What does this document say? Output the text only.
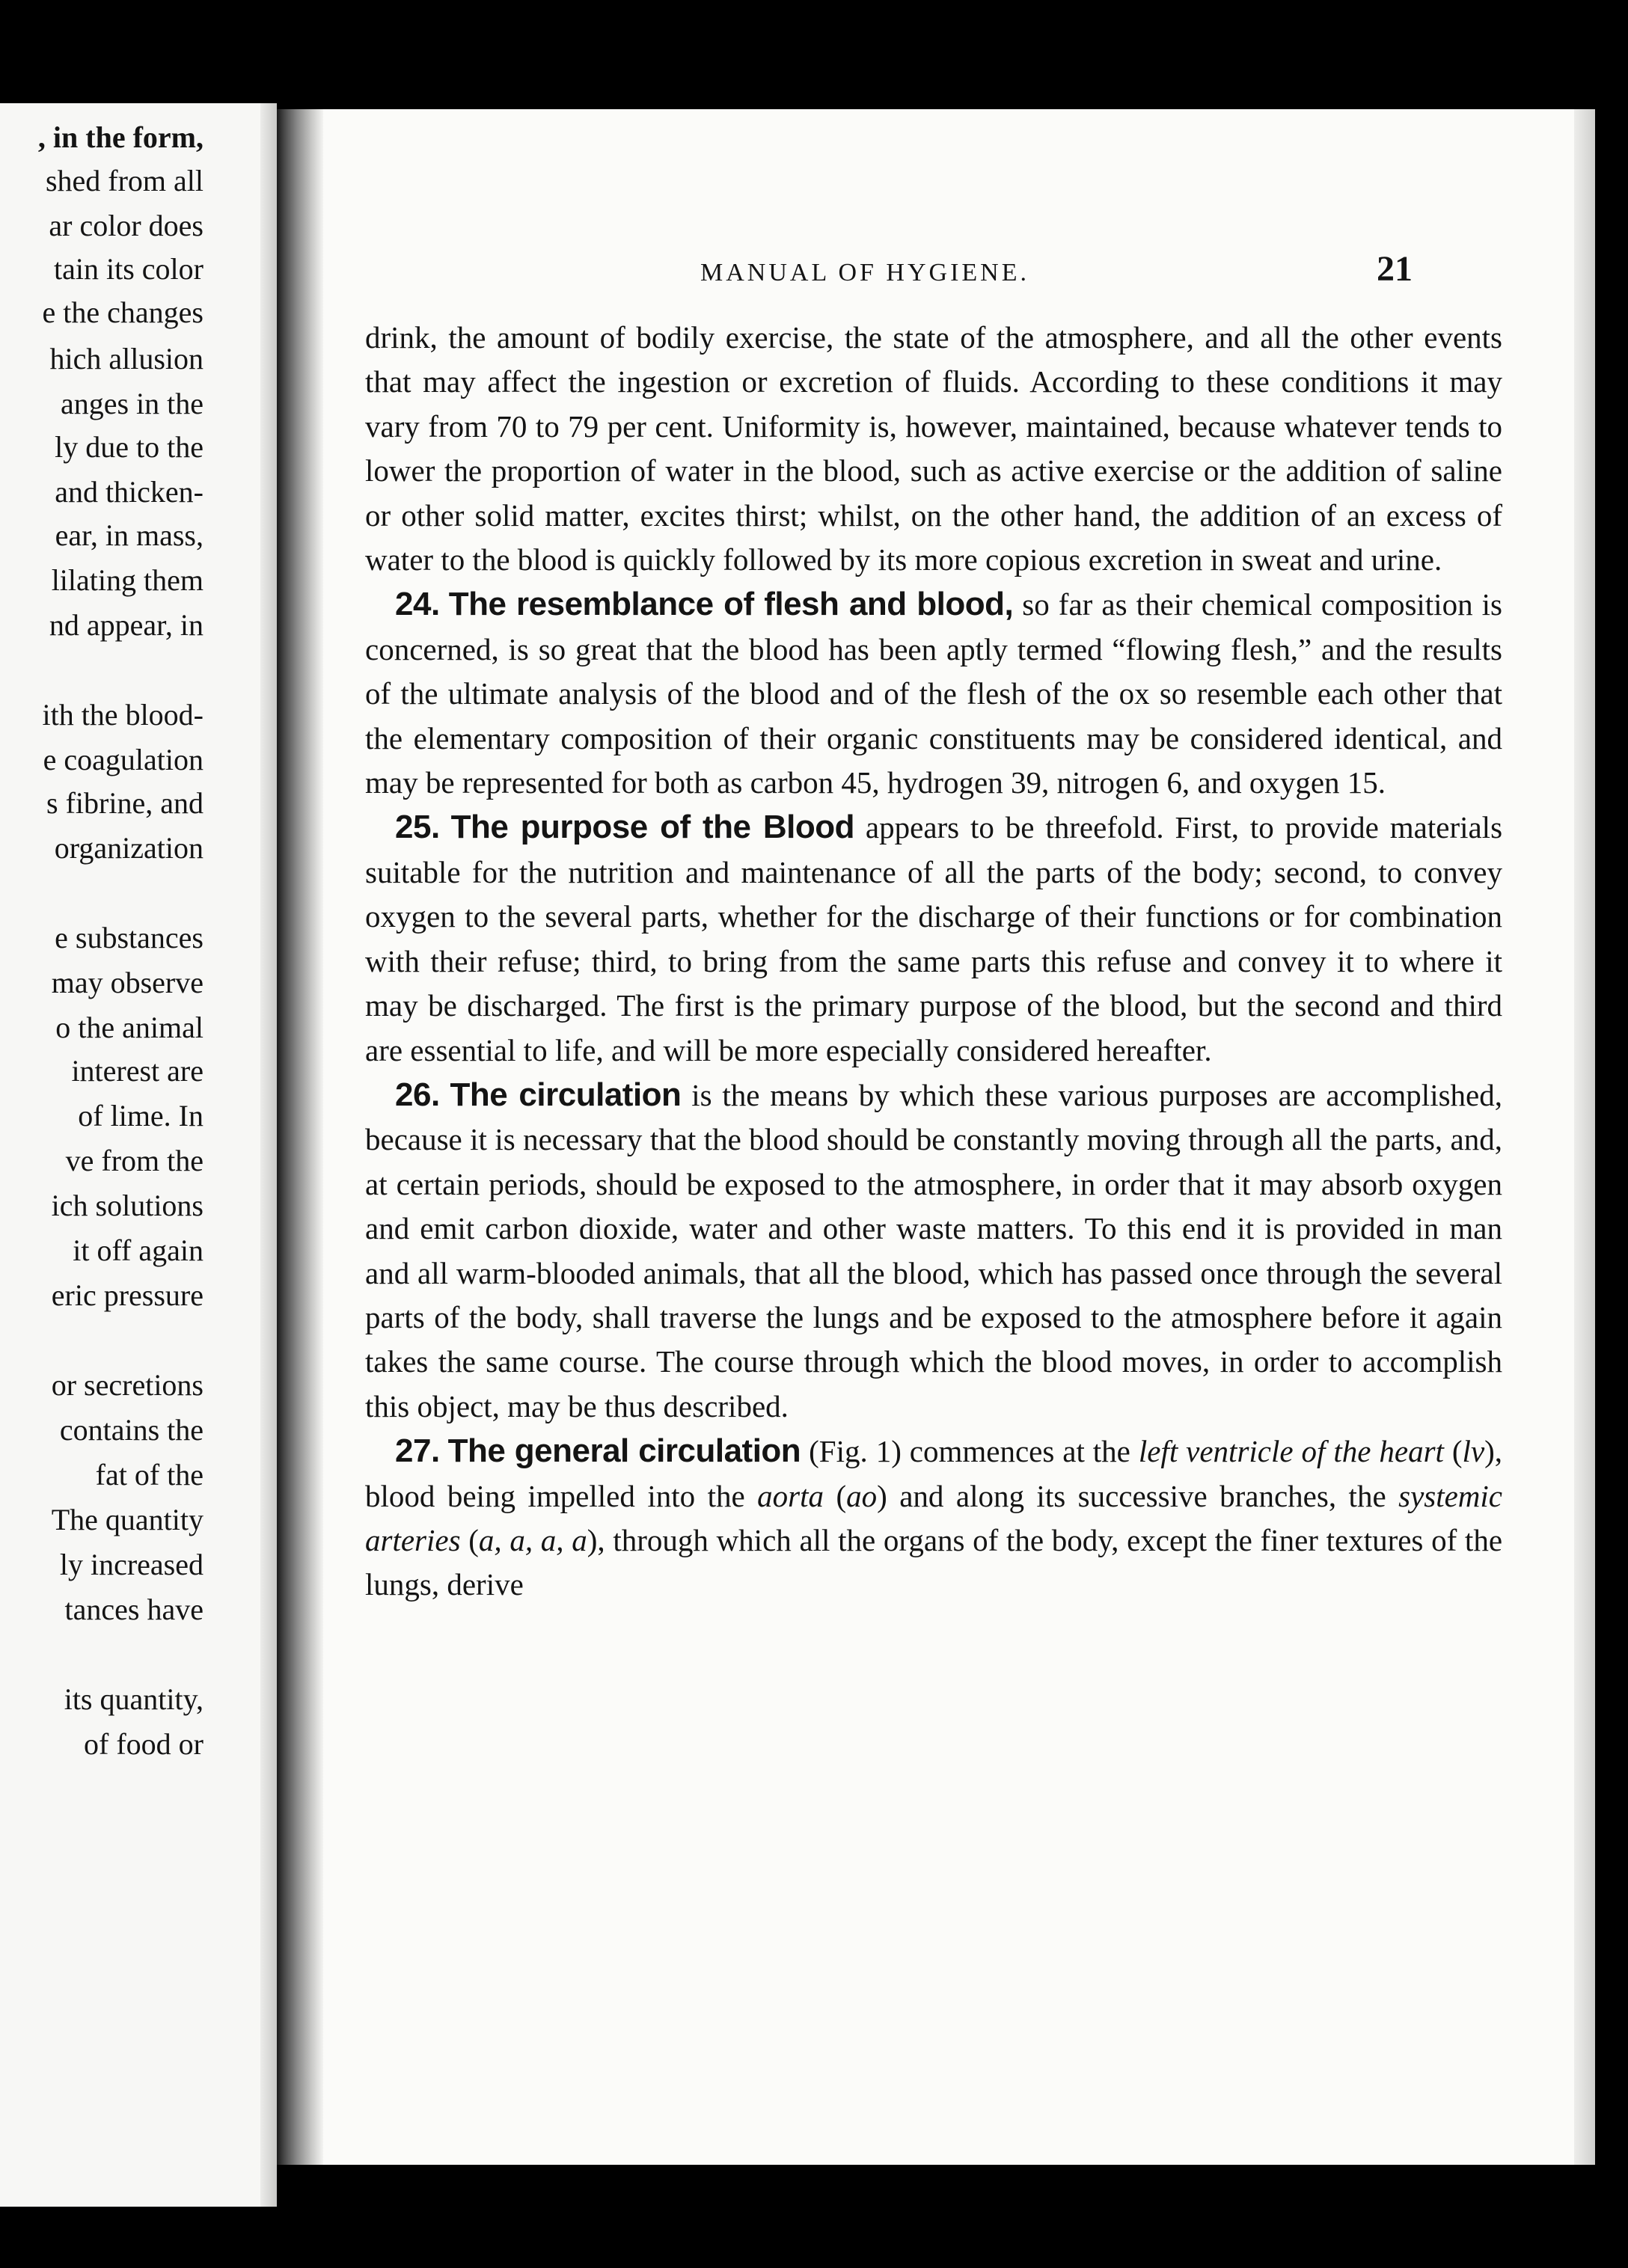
, in the form,
shed from all
ar color does
tain its color
e the changes
hich allusion
anges in the
ly due to the
and thicken-
ear, in mass,
lilating them
nd appear, in
ith the blood-
e coagulation
s fibrine, and
organization
e substances
may observe
o the animal
interest are
of lime. In
ve from the
ich solutions
it off again
eric pressure
or secretions
contains the
fat of the
The quantity
ly increased
tances have
its quantity,
of food or
MANUAL OF HYGIENE.	21

drink, the amount of bodily exercise, the state of the atmosphere, and all the other events that may affect the ingestion or excretion of fluids. According to these conditions it may vary from 70 to 79 per cent. Uniformity is, however, maintained, because whatever tends to lower the proportion of water in the blood, such as active exercise or the addition of saline or other solid matter, excites thirst; whilst, on the other hand, the addition of an excess of water to the blood is quickly followed by its more copious excretion in sweat and urine.

24. The resemblance of flesh and blood, so far as their chemical composition is concerned, is so great that the blood has been aptly termed “flowing flesh,” and the results of the ultimate analysis of the blood and of the flesh of the ox so resemble each other that the elementary composition of their organic constituents may be considered identical, and may be represented for both as carbon 45, hydrogen 39, nitrogen 6, and oxygen 15.

25. The purpose of the Blood appears to be threefold. First, to provide materials suitable for the nutrition and maintenance of all the parts of the body; second, to convey oxygen to the several parts, whether for the discharge of their functions or for combination with their refuse; third, to bring from the same parts this refuse and convey it to where it may be discharged. The first is the primary purpose of the blood, but the second and third are essential to life, and will be more especially considered hereafter.

26. The circulation is the means by which these various purposes are accomplished, because it is necessary that the blood should be constantly moving through all the parts, and, at certain periods, should be exposed to the atmosphere, in order that it may absorb oxygen and emit carbon dioxide, water and other waste matters. To this end it is provided in man and all warm-blooded animals, that all the blood, which has passed once through the several parts of the body, shall traverse the lungs and be exposed to the atmosphere before it again takes the same course. The course through which the blood moves, in order to accomplish this object, may be thus described.

27. The general circulation (Fig. 1) commences at the left ventricle of the heart (lv), blood being impelled into the aorta (ao) and along its successive branches, the systemic arteries (a, a, a, a), through which all the organs of the body, except the finer textures of the lungs, derive
